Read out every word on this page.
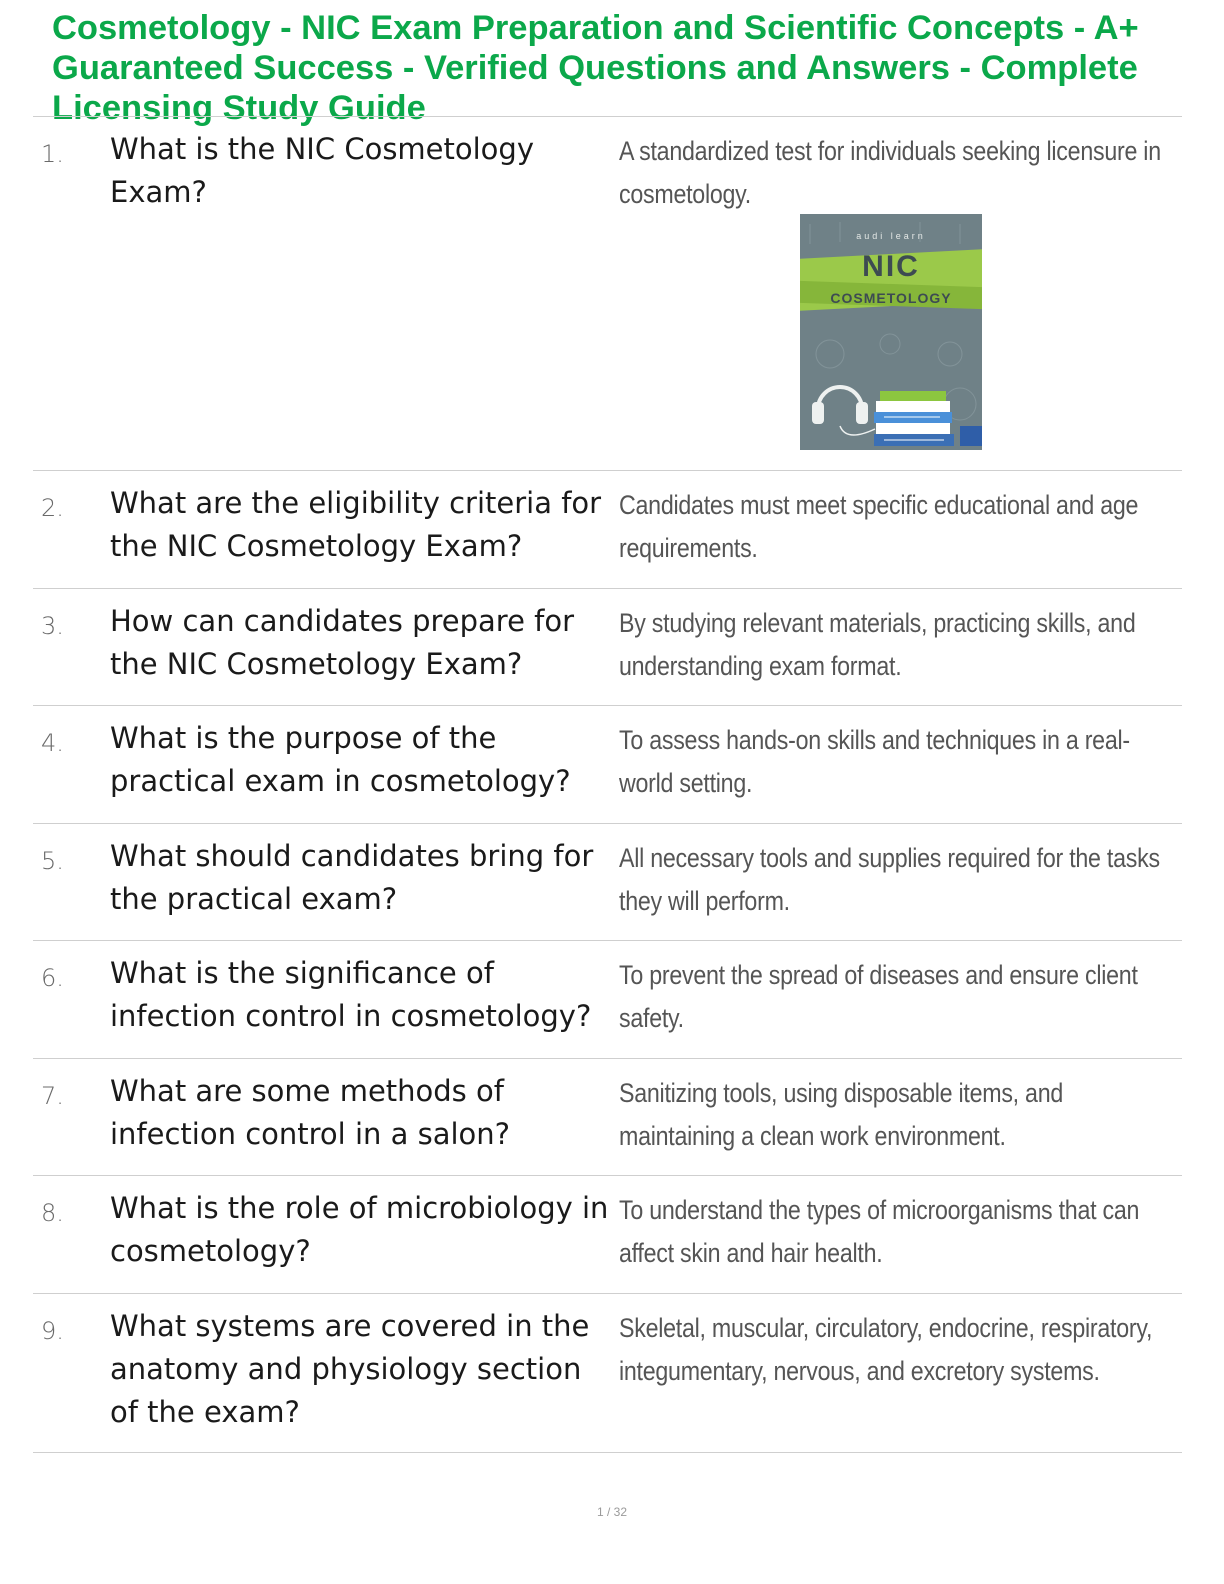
Cosmetology - NIC Exam Preparation and Scientific Concepts - A+ Guaranteed Success - Verified Questions and Answers - Complete Licensing Study Guide
1. What is the NIC Cosmetology Exam?

A standardized test for individuals seeking licensure in cosmetology.
audi learn
NIC
COSMETOLOGY
2. What are the eligibility criteria for the NIC Cosmetology Exam?

Candidates must meet specific educational and age requirements.
3. How can candidates prepare for the NIC Cosmetology Exam?

By studying relevant materials, practicing skills, and understanding exam format.
4. What is the purpose of the practical exam in cosmetology?

To assess hands-on skills and techniques in a real-world setting.
5. What should candidates bring for the practical exam?

All necessary tools and supplies required for the tasks they will perform.
6. What is the significance of infection control in cosmetology?

To prevent the spread of diseases and ensure client safety.
7. What are some methods of infection control in a salon?

Sanitizing tools, using disposable items, and maintaining a clean work environment.
8. What is the role of microbiology in cosmetology?

To understand the types of microorganisms that can affect skin and hair health.
9. What systems are covered in the anatomy and physiology section of the exam?

Skeletal, muscular, circulatory, endocrine, respiratory, integumentary, nervous, and excretory systems.
1 / 32
